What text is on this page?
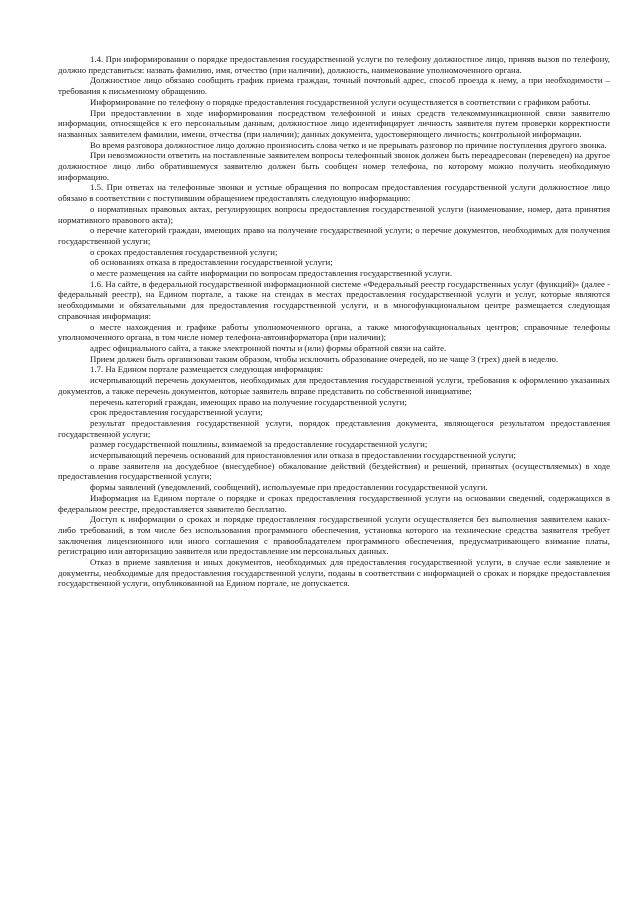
1.4. При информировании о порядке предоставления государственной услуги по телефону должностное лицо, приняв вызов по телефону, должно представиться: назвать фамилию, имя, отчество (при наличии), должность, наименование уполномоченного органа.

Должностное лицо обязано сообщить график приема граждан, точный почтовый адрес, способ проезда к нему, а при необходимости – требования к письменному обращению.

Информирование по телефону о порядке предоставления государственной услуги осуществляется в соответствии с графиком работы.

При предоставлении в ходе информирования посредством телефонной и иных средств телекоммуникационной связи заявителю информации, относящейся к его персональным данным, должностное лицо идентифицирует личность заявителя путем проверки корректности названных заявителем фамилии, имени, отчества (при наличии); данных документа, удостоверяющего личность; контрольной информации.

Во время разговора должностное лицо должно произносить слова четко и не прерывать разговор по причине поступления другого звонка.

При невозможности ответить на поставленные заявителем вопросы телефонный звонок должен быть переадресован (переведен) на другое должностное лицо либо обратившемуся заявителю должен быть сообщен номер телефона, по которому можно получить необходимую информацию.

1.5. При ответах на телефонные звонки и устные обращения по вопросам предоставления государственной услуги должностное лицо обязано в соответствии с поступившим обращением предоставлять следующую информацию:

о нормативных правовых актах, регулирующих вопросы предоставления государственной услуги (наименование, номер, дата принятия нормативного правового акта);

о перечне категорий граждан, имеющих право на получение государственной услуги; о перечне документов, необходимых для получения государственной услуги;

о сроках предоставления государственной услуги;

об основаниях отказа в предоставлении государственной услуги;

о месте размещения на сайте информации по вопросам предоставления государственной услуги.

1.6. На сайте, в федеральной государственной информационной системе «Федеральный реестр государственных услуг (функций)» (далее - федеральный реестр), на Едином портале, а также на стендах в местах предоставления государственной услуги и услуг, которые являются необходимыми и обязательными для предоставления государственной услуги, и в многофункциональном центре размещается следующая справочная информация:

о месте нахождения и графике работы уполномоченного органа, а также многофункциональных центров; справочные телефоны уполномоченного органа, в том числе номер телефона-автоинформатора (при наличии);

адрес официального сайта, а также электронной почты и (или) формы обратной связи на сайте.

Прием должен быть организован таким образом, чтобы исключить образование очередей, но не чаще 3 (трех) дней в неделю.

1.7. На Едином портале размещается следующая информация:

исчерпывающий перечень документов, необходимых для предоставления государственной услуги, требования к оформлению указанных документов, а также перечень документов, которые заявитель вправе представить по собственной инициативе;

перечень категорий граждан, имеющих право на получение государственной услуги;

срок предоставления государственной услуги;

результат предоставления государственной услуги, порядок представления документа, являющегося результатом предоставления государственной услуги;

размер государственной пошлины, взимаемой за предоставление государственной услуги;

исчерпывающий перечень оснований для приостановления или отказа в предоставлении государственной услуги;

о праве заявителя на досудебное (внесудебное) обжалование действий (бездействия) и решений, принятых (осуществляемых) в ходе предоставления государственной услуги;

формы заявлений (уведомлений, сообщений), используемые при предоставлении государственной услуги.

Информация на Едином портале о порядке и сроках предоставления государственной услуги на основании сведений, содержащихся в федеральном реестре, предоставляется заявителю бесплатно.

Доступ к информации о сроках и порядке предоставления государственной услуги осуществляется без выполнения заявителем каких-либо требований, в том числе без использования программного обеспечения, установка которого на технические средства заявителя требует заключения лицензионного или иного соглашения с правообладателем программного обеспечения, предусматривающего взимание платы, регистрацию или авторизацию заявителя или предоставление им персональных данных.

Отказ в приеме заявления и иных документов, необходимых для предоставления государственной услуги, в случае если заявление и документы, необходимые для предоставления государственной услуги, поданы в соответствии с информацией о сроках и порядке предоставления государственной услуги, опубликованной на Едином портале, не допускается.
